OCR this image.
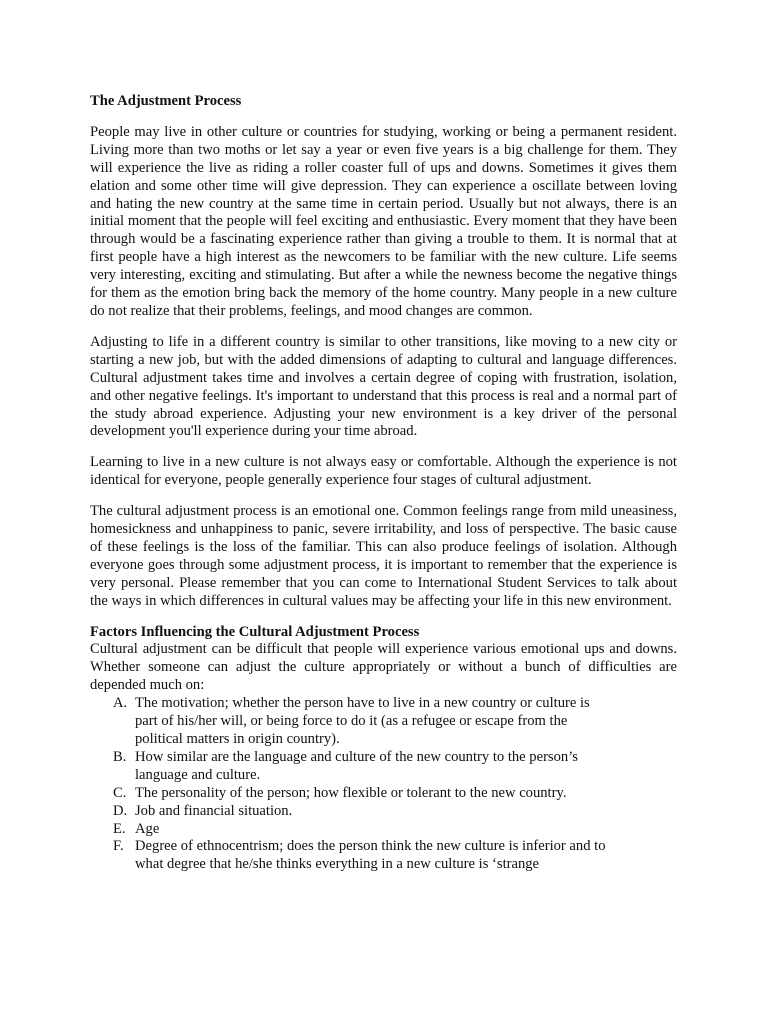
The Adjustment Process

People may live in other culture or countries for studying, working or being a permanent resident. Living more than two moths or let say a year or even five years is a big challenge for them. They will experience the live as riding a roller coaster full of ups and downs. Sometimes it gives them elation and some other time will give depression. They can experience a oscillate between loving and hating the new country at the same time in certain period. Usually but not always, there is an initial moment that the people will feel exciting and enthusiastic. Every moment that they have been through would be a fascinating experience rather than giving a trouble to them. It is normal that at first people have a high interest as the newcomers to be familiar with the new culture. Life seems very interesting, exciting and stimulating. But after a while the newness become the negative things for them as the emotion bring back the memory of the home country. Many people in a new culture do not realize that their problems, feelings, and mood changes are common.

Adjusting to life in a different country is similar to other transitions, like moving to a new city or starting a new job, but with the added dimensions of adapting to cultural and language differences. Cultural adjustment takes time and involves a certain degree of coping with frustration, isolation, and other negative feelings. It's important to understand that this process is real and a normal part of the study abroad experience. Adjusting your new environment is a key driver of the personal development you'll experience during your time abroad.

Learning to live in a new culture is not always easy or comfortable. Although the experience is not identical for everyone, people generally experience four stages of cultural adjustment.

The cultural adjustment process is an emotional one. Common feelings range from mild uneasiness, homesickness and unhappiness to panic, severe irritability, and loss of perspective. The basic cause of these feelings is the loss of the familiar. This can also produce feelings of isolation. Although everyone goes through some adjustment process, it is important to remember that the experience is very personal. Please remember that you can come to International Student Services to talk about the ways in which differences in cultural values may be affecting your life in this new environment.

Factors Influencing the Cultural Adjustment Process

Cultural adjustment can be difficult that people will experience various emotional ups and downs. Whether someone can adjust the culture appropriately or without a bunch of difficulties are depended much on:

A. The motivation; whether the person have to live in a new country or culture is part of his/her will, or being force to do it (as a refugee or escape from the political matters in origin country).
B. How similar are the language and culture of the new country to the person’s language and culture.
C. The personality of the person; how flexible or tolerant to the new country.
D. Job and financial situation.
E. Age
F. Degree of ethnocentrism; does the person think the new culture is inferior and to what degree that he/she thinks everything in a new culture is ‘strange
